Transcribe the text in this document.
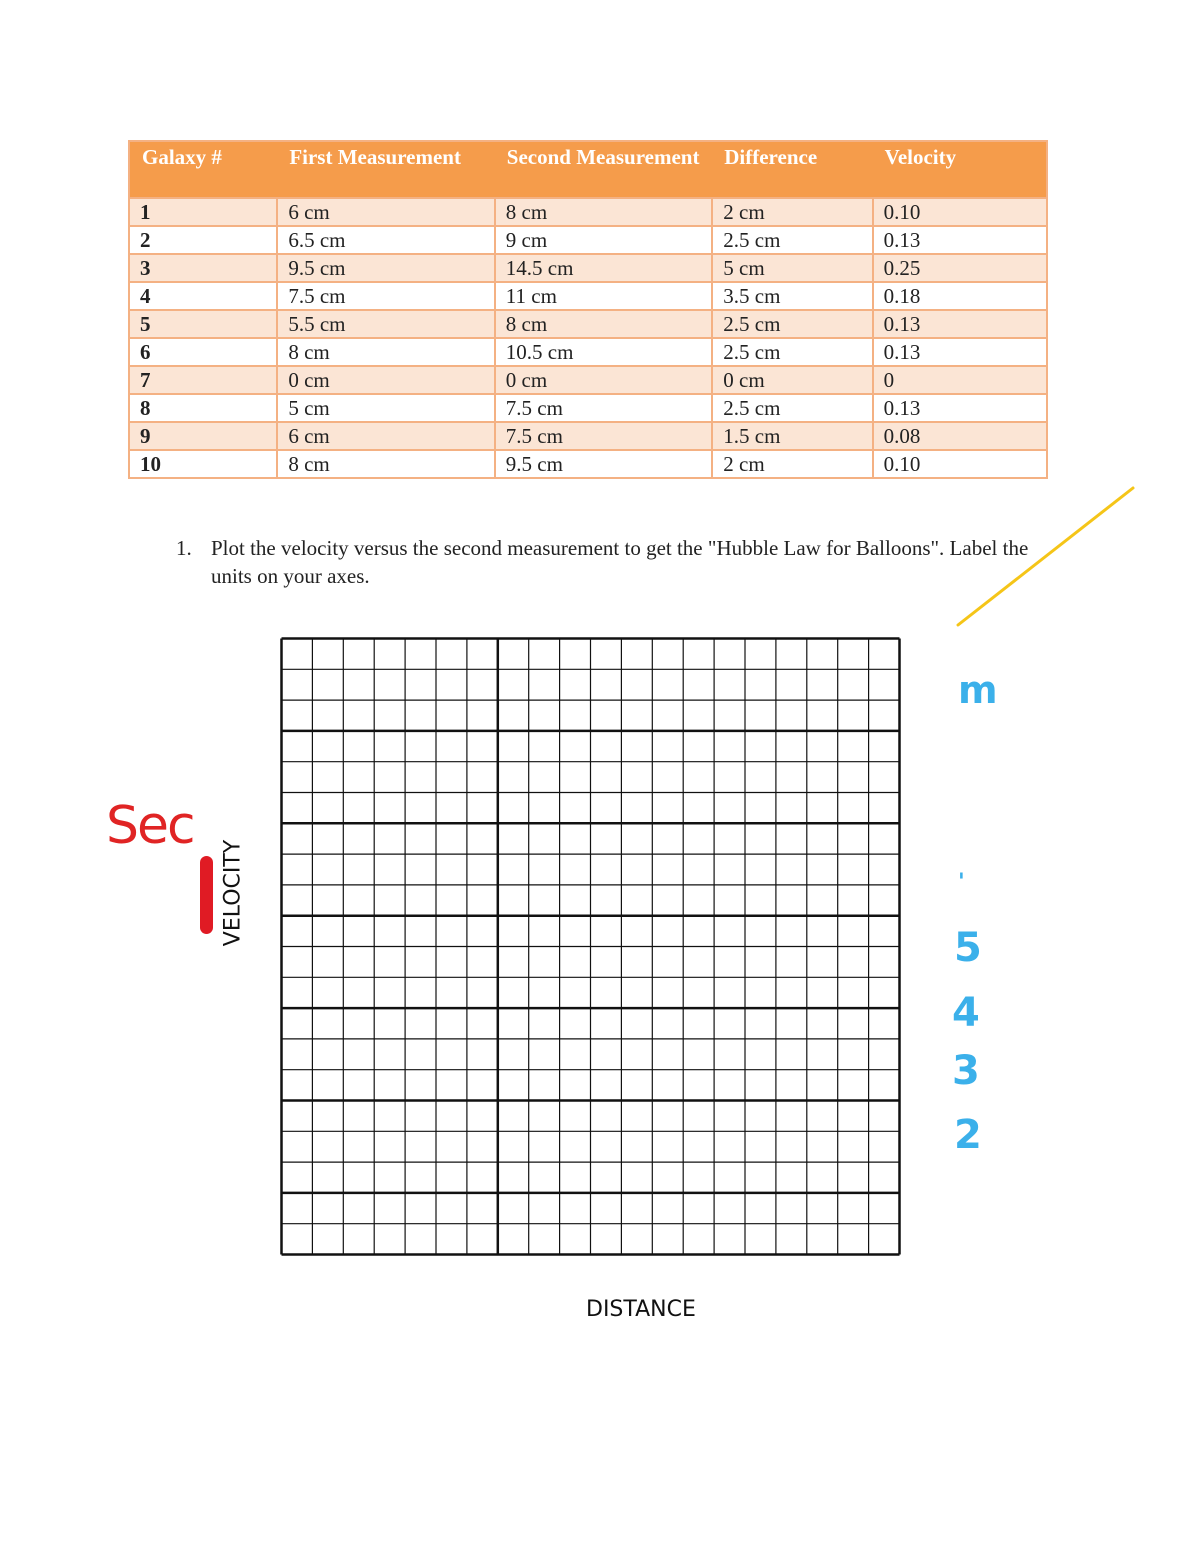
Galaxy #	First Measurement	Second Measurement	Difference	Velocity
1	6 cm	8 cm	2 cm	0.10
2	6.5 cm	9 cm	2.5 cm	0.13
3	9.5 cm	14.5 cm	5 cm	0.25
4	7.5 cm	11 cm	3.5 cm	0.18
5	5.5 cm	8 cm	2.5 cm	0.13
6	8 cm	10.5 cm	2.5 cm	0.13
7	0 cm	0 cm	0 cm	0
8	5 cm	7.5 cm	2.5 cm	0.13
9	6 cm	7.5 cm	1.5 cm	0.08
10	8 cm	9.5 cm	2 cm	0.10
1. Plot the velocity versus the second measurement to get the "Hubble Law for Balloons". Label the units on your axes.
Sec
VELOCITY
DISTANCE
m
'
5
4
3
2
